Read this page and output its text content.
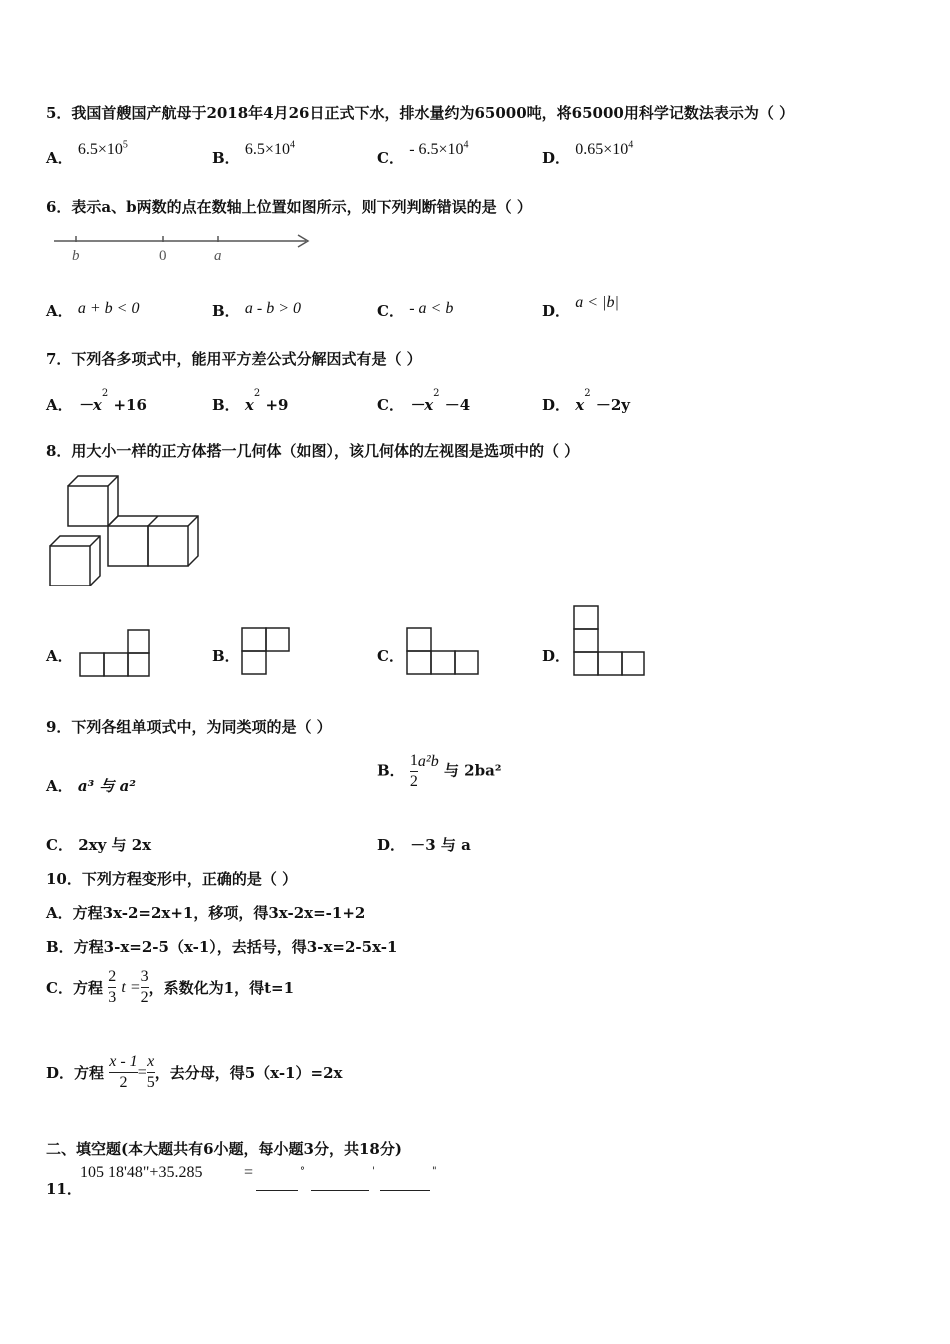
5．我国首艘国产航母于2018年4月26日正式下水，排水量约为65000吨，将65000用科学记数法表示为（ ）
A． $6.5\times 10^5$
B． $6.5\times 10^4$
C． - $6.5\times 10^4$
D． $0.65\times 10^4$
6．表示a、b两数的点在数轴上位置如图所示，则下列判断错误的是（ ）
b	0	a
A． a + b < 0	B． a - b > 0	C． - a < b	D． a < |b|
7．下列各多项式中，能用平方差公式分解因式有是（ ）
A． $-x^2 +16$	B． $x^2 +9$	C． $-x^2 -4$	D． $x^2 -2y$
8．用大小一样的正方体搭一几何体（如图），该几何体的左视图是选项中的（ ）
A．	B．	C．	D．
9．下列各组单项式中，为同类项的是（ ）
A． a³ 与 a²
B． $\frac{1}{2} a^2b$ 与 2ba²
C． 2xy 与 2x	D． －3 与 a
10．下列方程变形中，正确的是（ ）
A．方程3x-2=2x+1，移项，得3x-2x=-1+2
B．方程3-x=2-5（x-1），去括号，得3-x=2-5x-1
C．方程 $\frac{2}{3}$ $t = \frac{3}{2}$ ，系数化为1，得t=1
D．方程 $\frac{x - 1}{2} = \frac{x}{5}$ ，去分母，得5（x-1）=2x
二、填空题(本大题共有6小题，每小题3分，共18分)
11．
105 18'48"+35.285	=	°	'	"
